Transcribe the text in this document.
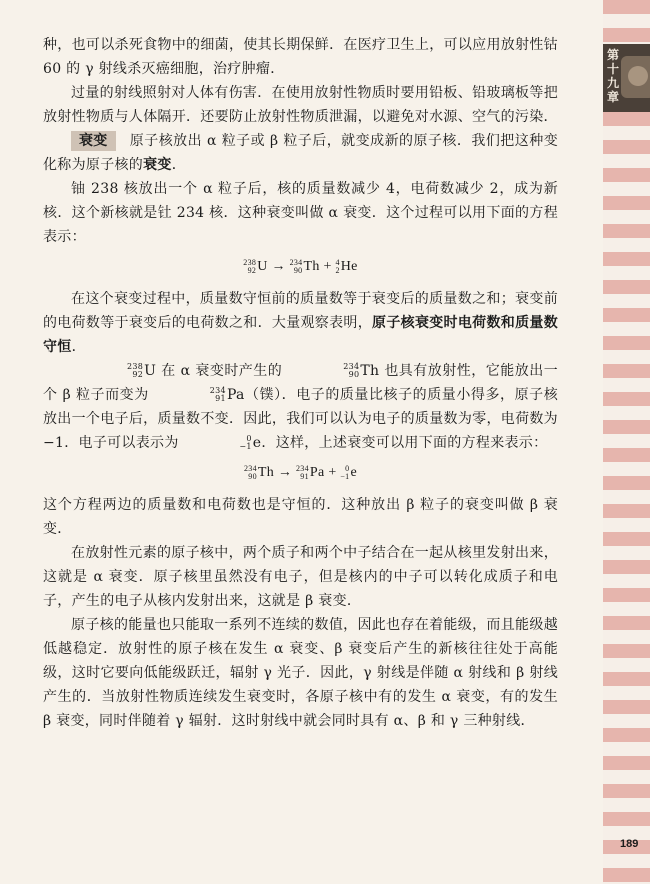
种，也可以杀死食物中的细菌，使其长期保鲜．在医疗卫生上，可以应用放射性钴 60 的 γ 射线杀灭癌细胞，治疗肿瘤．

过量的射线照射对人体有伤害．在使用放射性物质时要用铅板、铅玻璃板等把放射性物质与人体隔开．还要防止放射性物质泄漏，以避免对水源、空气的污染．

衰变 原子核放出 α 粒子或 β 粒子后，就变成新的原子核．我们把这种变化称为原子核的衰变．

铀 238 核放出一个 α 粒子后，核的质量数减少 4，电荷数减少 2，成为新核．这个新核就是钍 234 核．这种衰变叫做 α 衰变．这个过程可以用下面的方程表示：

238
92 U → 234
90 Th + 4
2 He

在这个衰变过程中，质量数守恒前的质量数等于衰变后的质量数之和；衰变前的电荷数等于衰变后的电荷数之和．大量观察表明，原子核衰变时电荷数和质量数守恒．

238
92 U 在 α 衰变时产生的	234
90 Th 也具有放射性，它能放出一个 β 粒子而变为	234
91 Pa（镤）．电子的质量比核子的质量小得多，原子核放出一个电子后，质量数不变．因此，我们可以认为电子的质量数为零，电荷数为 −1．电子可以表示为	0
−1 e．这样，上述衰变可以用下面的方程来表示：

234
90 Th → 234
91 Pa +	0
−1 e

这个方程两边的质量数和电荷数也是守恒的．这种放出 β 粒子的衰变叫做 β 衰变．

在放射性元素的原子核中，两个质子和两个中子结合在一起从核里发射出来，这就是 α 衰变．原子核里虽然没有电子，但是核内的中子可以转化成质子和电子，产生的电子从核内发射出来，这就是 β 衰变．

原子核的能量也只能取一系列不连续的数值，因此也存在着能级，而且能级越低越稳定．放射性的原子核在发生 α 衰变、β 衰变后产生的新核往往处于高能级，这时它要向低能级跃迁，辐射 γ 光子．因此，γ 射线是伴随 α 射线和 β 射线产生的．当放射性物质连续发生衰变时，各原子核中有的发生 α 衰变，有的发生 β 衰变，同时伴随着 γ 辐射．这时射线中就会同时具有 α、β 和 γ 三种射线．

第十九章
189
